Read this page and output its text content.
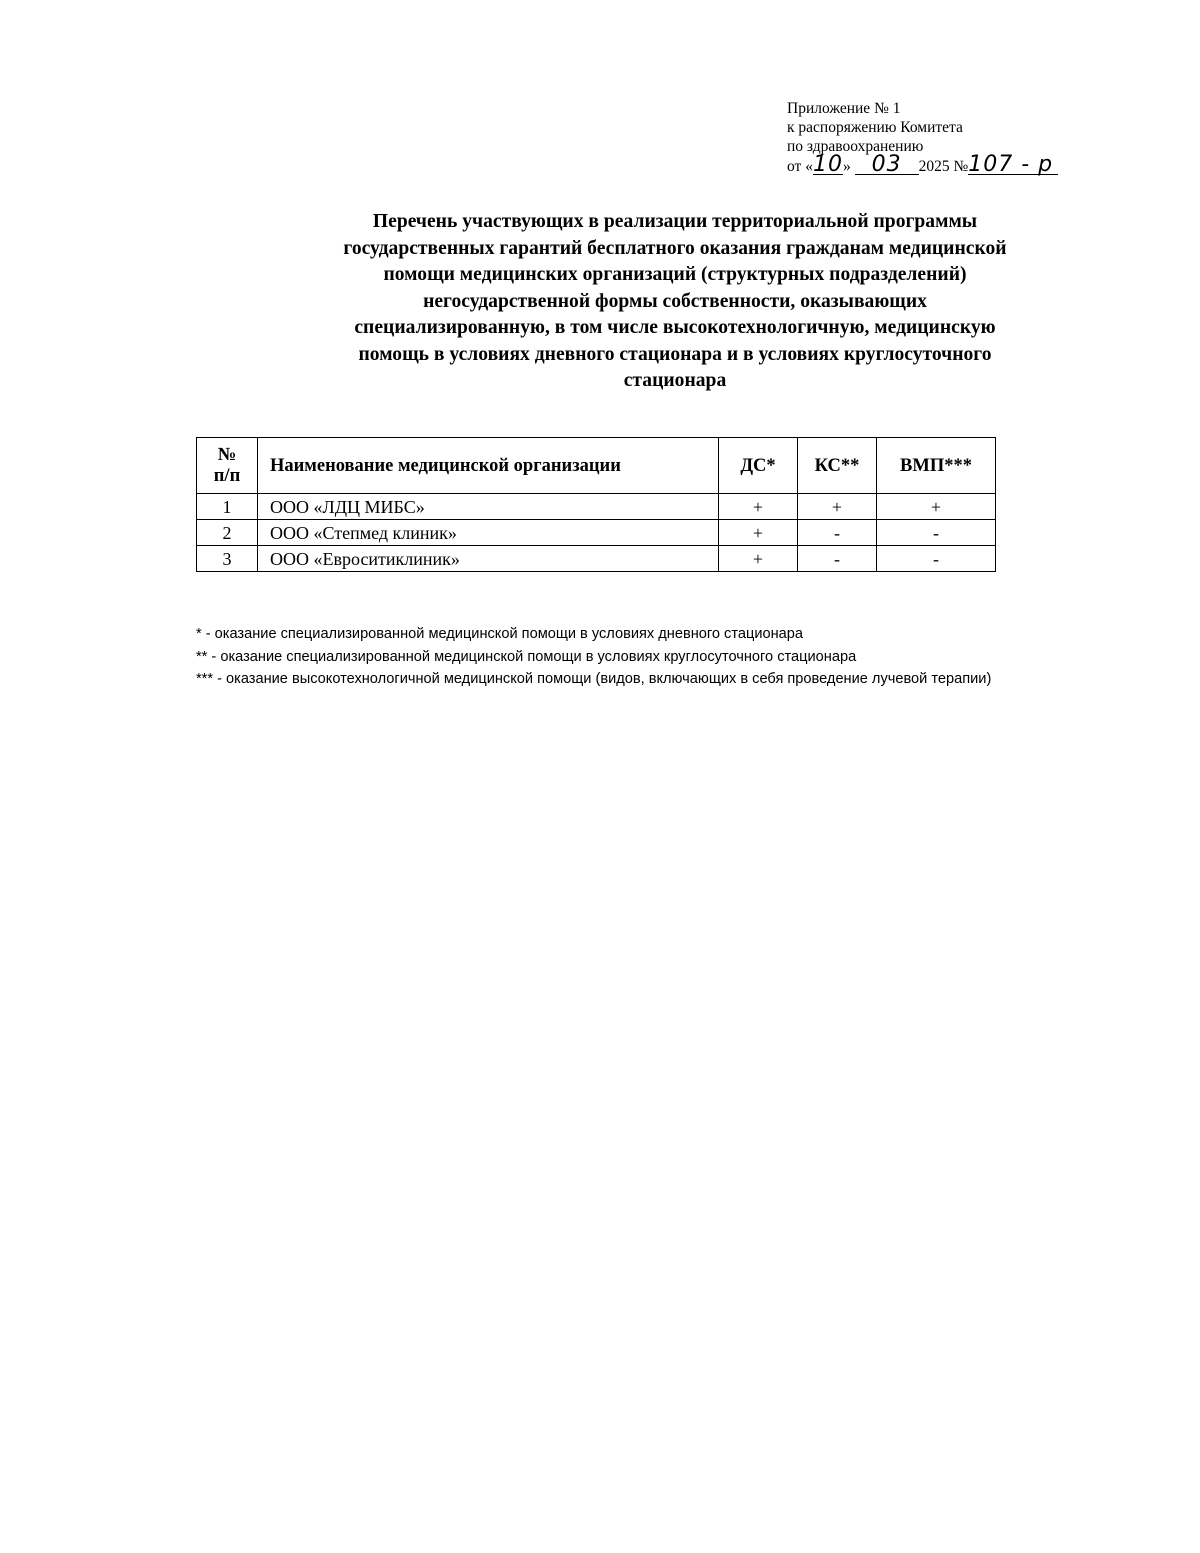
Приложение № 1
к распоряжению Комитета
по здравоохранению
от «10» 03 2025 №107 - р
Перечень участвующих в реализации территориальной программы
государственных гарантий бесплатного оказания гражданам медицинской
помощи медицинских организаций (структурных подразделений)
негосударственной формы собственности, оказывающих
специализированную, в том числе высокотехнологичную, медицинскую
помощь в условиях дневного стационара и в условиях круглосуточного
стационара
№
п/п	Наименование медицинской организации	ДС*	КС**	ВМП***
1	ООО «ЛДЦ МИБС»	+	+	+
2	ООО «Степмед клиник»	+	-	-
3	ООО «Евроситиклиник»	+	-	-
* - оказание специализированной медицинской помощи в условиях дневного стационара
** - оказание специализированной медицинской помощи в условиях круглосуточного стационара
*** - оказание высокотехнологичной медицинской помощи (видов, включающих в себя проведение лучевой терапии)
